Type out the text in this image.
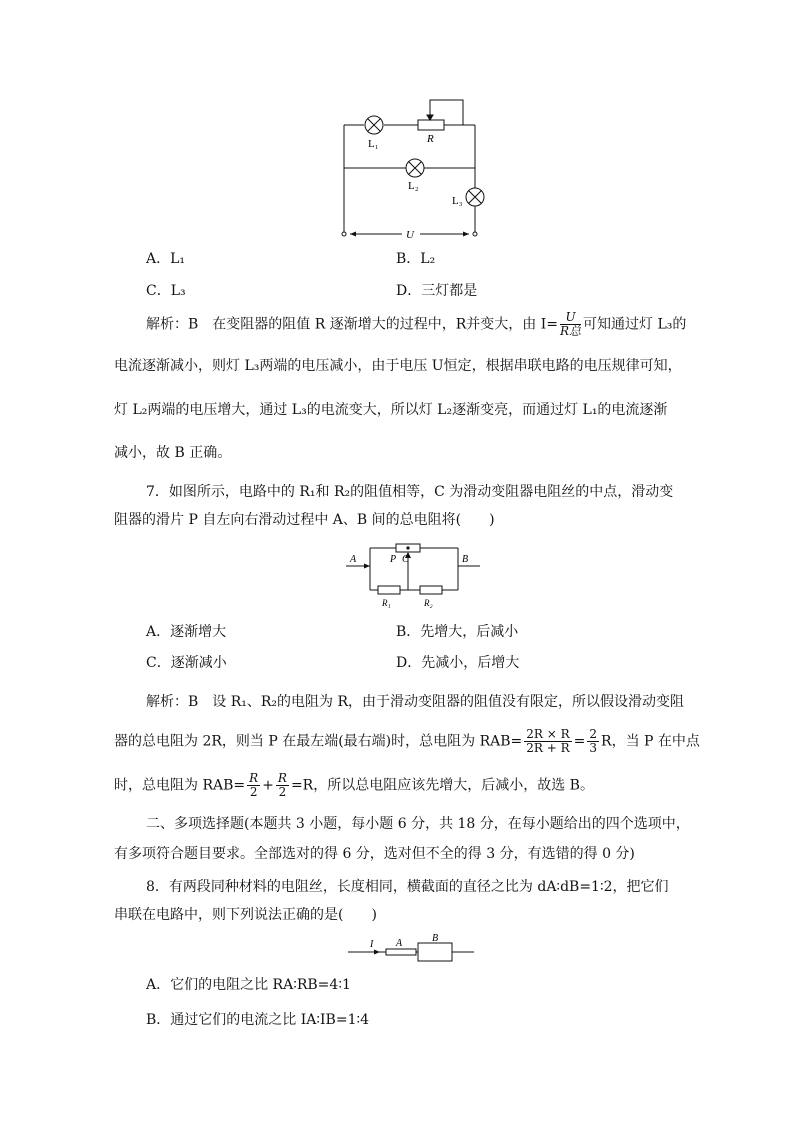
L₁	R
L₂
L₃
U
A．L₁	B．L₂
C．L₃	D．三灯都是
解析：B　在变阻器的阻值 R 逐渐增大的过程中，R并变大，由 $I= \frac{U}{\text{R总}}$ 可知通过灯 L₃的
电流逐渐减小，则灯 L₃两端的电压减小，由于电压 U恒定，根据串联电路的电压规律可知，
灯 L₂两端的电压增大，通过 L₃的电流变大，所以灯 L₂逐渐变亮，而通过灯 L₁的电流逐渐
减小，故 B 正确。
7．如图所示，电路中的 R₁和 R₂的阻值相等，C 为滑动变阻器电阻丝的中点，滑动变
阻器的滑片 P 自左向右滑动过程中 A、B 间的总电阻将(　　)
A	B
P C
R₁	R₂
A．逐渐增大	B．先增大，后减小
C．逐渐减小	D．先减小，后增大
解析：B　设 R₁、R₂的电阻为 R，由于滑动变阻器的阻值没有限定，所以假设滑动变阻
器的总电阻为 2R，则当 P 在最左端(最右端)时，总电阻为 $RAB= \frac{2R \times R}{2R + R} = \frac{2}{3}$ R，当 P 在中点
时，总电阻为 $RAB= \frac{R}{2} + \frac{R}{2} =R$，所以总电阻应该先增大，后减小，故选 B。
二、多项选择题(本题共 3 小题，每小题 6 分，共 18 分，在每小题给出的四个选项中，
有多项符合题目要求。全部选对的得 6 分，选对但不全的得 3 分，有选错的得 0 分)
8．有两段同种材料的电阻丝，长度相同，横截面的直径之比为 dA∶dB=1∶2，把它们
串联在电路中，则下列说法正确的是(　　)
I A	B
A．它们的电阻之比 RA∶RB=4∶1
B．通过它们的电流之比 IA∶IB=1∶4
